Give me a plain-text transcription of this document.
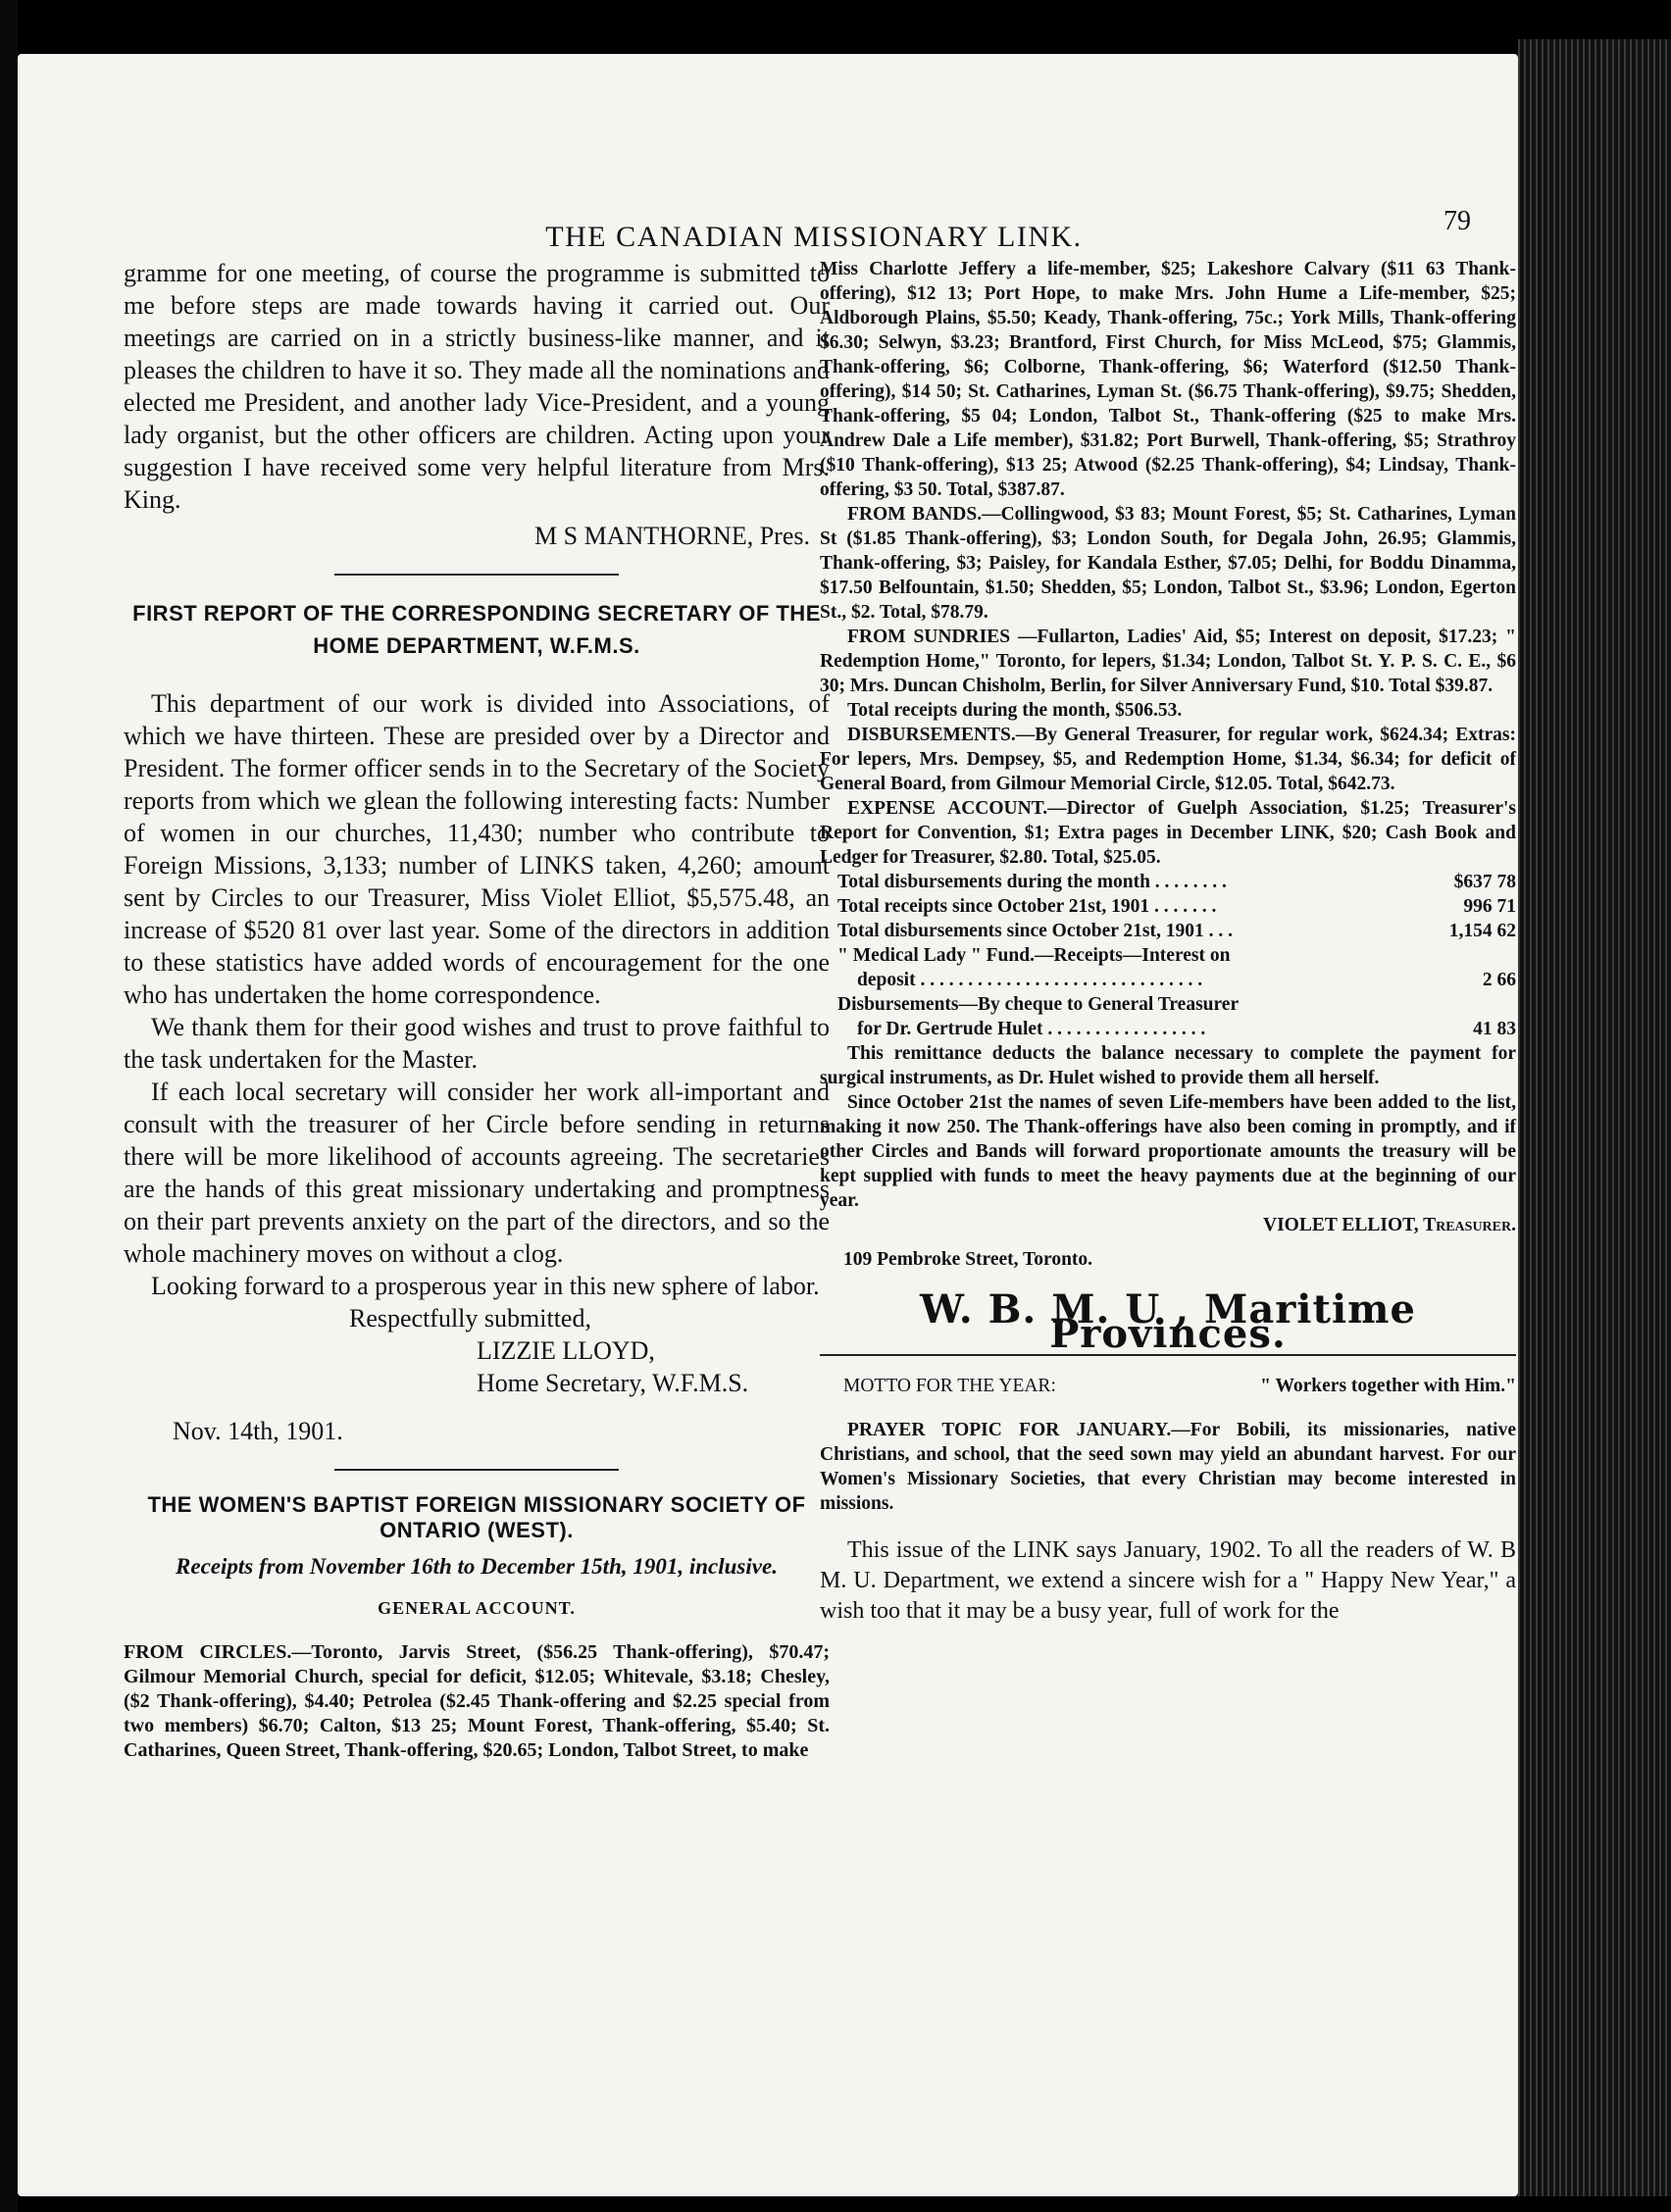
THE CANADIAN MISSIONARY LINK.	79

gramme for one meeting, of course the programme is submitted to me before steps are made towards having it carried out. Our meetings are carried on in a strictly business-like manner, and it pleases the children to have it so. They made all the nominations and elected me President, and another lady Vice-President, and a young lady organist, but the other officers are children. Acting upon your suggestion I have received some very helpful literature from Mrs. King.

M S MANTHORNE, Pres.

FIRST REPORT OF THE CORRESPONDING SECRETARY OF THE HOME DEPARTMENT, W.F.M.S.

This department of our work is divided into Associations, of which we have thirteen. These are presided over by a Director and President. The former officer sends in to the Secretary of the Society reports from which we glean the following interesting facts: Number of women in our churches, 11,430; number who contribute to Foreign Missions, 3,133; number of LINKS taken, 4,260; amount sent by Circles to our Treasurer, Miss Violet Elliot, $5,575.48, an increase of $520 81 over last year. Some of the directors in addition to these statistics have added words of encouragement for the one who has undertaken the home correspondence.

We thank them for their good wishes and trust to prove faithful to the task undertaken for the Master.

If each local secretary will consider her work all-important and consult with the treasurer of her Circle before sending in returns there will be more likelihood of accounts agreeing. The secretaries are the hands of this great missionary undertaking and promptness on their part prevents anxiety on the part of the directors, and so the whole machinery moves on without a clog.

Looking forward to a prosperous year in this new sphere of labor.

Respectfully submitted,

LIZZIE LLOYD,

Home Secretary, W.F.M.S.

Nov. 14th, 1901.

THE WOMEN'S BAPTIST FOREIGN MISSIONARY SOCIETY OF ONTARIO (WEST).

Receipts from November 16th to December 15th, 1901, inclusive.

GENERAL ACCOUNT.

FROM CIRCLES.—Toronto, Jarvis Street, ($56.25 Thank-offering), $70.47; Gilmour Memorial Church, special for deficit, $12.05; Whitevale, $3.18; Chesley, ($2 Thank-offering), $4.40; Petrolea ($2.45 Thank-offering and $2.25 special from two members) $6.70; Calton, $13 25; Mount Forest, Thank-offering, $5.40; St. Catharines, Queen Street, Thank-offering, $20.65; London, Talbot Street, to make

Miss Charlotte Jeffery a life-member, $25; Lakeshore Calvary ($11 63 Thank-offering), $12 13; Port Hope, to make Mrs. John Hume a Life-member, $25; Aldborough Plains, $5.50; Keady, Thank-offering, 75c.; York Mills, Thank-offering $6.30; Selwyn, $3.23; Brantford, First Church, for Miss McLeod, $75; Glammis, Thank-offering, $6; Colborne, Thank-offering, $6; Waterford ($12.50 Thank-offering), $14 50; St. Catharines, Lyman St. ($6.75 Thank-offering), $9.75; Shedden, Thank-offering, $5 04; London, Talbot St., Thank-offering ($25 to make Mrs. Andrew Dale a Life member), $31.82; Port Burwell, Thank-offering, $5; Strathroy ($10 Thank-offering), $13 25; Atwood ($2.25 Thank-offering), $4; Lindsay, Thank-offering, $3 50. Total, $387.87.

FROM BANDS.—Collingwood, $3 83; Mount Forest, $5; St. Catharines, Lyman St ($1.85 Thank-offering), $3; London South, for Degala John, 26.95; Glammis, Thank-offering, $3; Paisley, for Kandala Esther, $7.05; Delhi, for Boddu Dinamma, $17.50 Belfountain, $1.50; Shedden, $5; London, Talbot St., $3.96; London, Egerton St., $2. Total, $78.79.

FROM SUNDRIES —Fullarton, Ladies' Aid, $5; Interest on deposit, $17.23; " Redemption Home," Toronto, for lepers, $1.34; London, Talbot St. Y. P. S. C. E., $6 30; Mrs. Duncan Chisholm, Berlin, for Silver Anniversary Fund, $10. Total $39.87.

Total receipts during the month, $506.53.

DISBURSEMENTS.—By General Treasurer, for regular work, $624.34; Extras: For lepers, Mrs. Dempsey, $5, and Redemption Home, $1.34, $6.34; for deficit of General Board, from Gilmour Memorial Circle, $12.05. Total, $642.73.

EXPENSE ACCOUNT.—Director of Guelph Association, $1.25; Treasurer's Report for Convention, $1; Extra pages in December LINK, $20; Cash Book and Ledger for Treasurer, $2.80. Total, $25.05.

Total disbursements during the month . . . . . . . .	$637 78
Total receipts since October 21st, 1901 . . . . . . .	996 71
Total disbursements since October 21st, 1901 . . .	1,154 62
" Medical Lady " Fund.—Receipts—Interest on
deposit . . . . . . . . . . . . . . . . . . . . . . . . . . . . . .	2 66
Disbursements—By cheque to General Treasurer
for Dr. Gertrude Hulet . . . . . . . . . . . . . . . . .	41 83

This remittance deducts the balance necessary to complete the payment for surgical instruments, as Dr. Hulet wished to provide them all herself.

Since October 21st the names of seven Life-members have been added to the list, making it now 250. The Thank-offerings have also been coming in promptly, and if other Circles and Bands will forward proportionate amounts the treasury will be kept supplied with funds to meet the heavy payments due at the beginning of our year.

VIOLET ELLIOT, Treasurer.

109 Pembroke Street, Toronto.

W. B. M. U , Maritime Provinces.
MOTTO FOR THE YEAR:	" Workers together with Him."

PRAYER TOPIC FOR JANUARY.—For Bobili, its missionaries, native Christians, and school, that the seed sown may yield an abundant harvest. For our Women's Missionary Societies, that every Christian may become interested in missions.

This issue of the LINK says January, 1902. To all the readers of W. B M. U. Department, we extend a sincere wish for a " Happy New Year," a wish too that it may be a busy year, full of work for the
